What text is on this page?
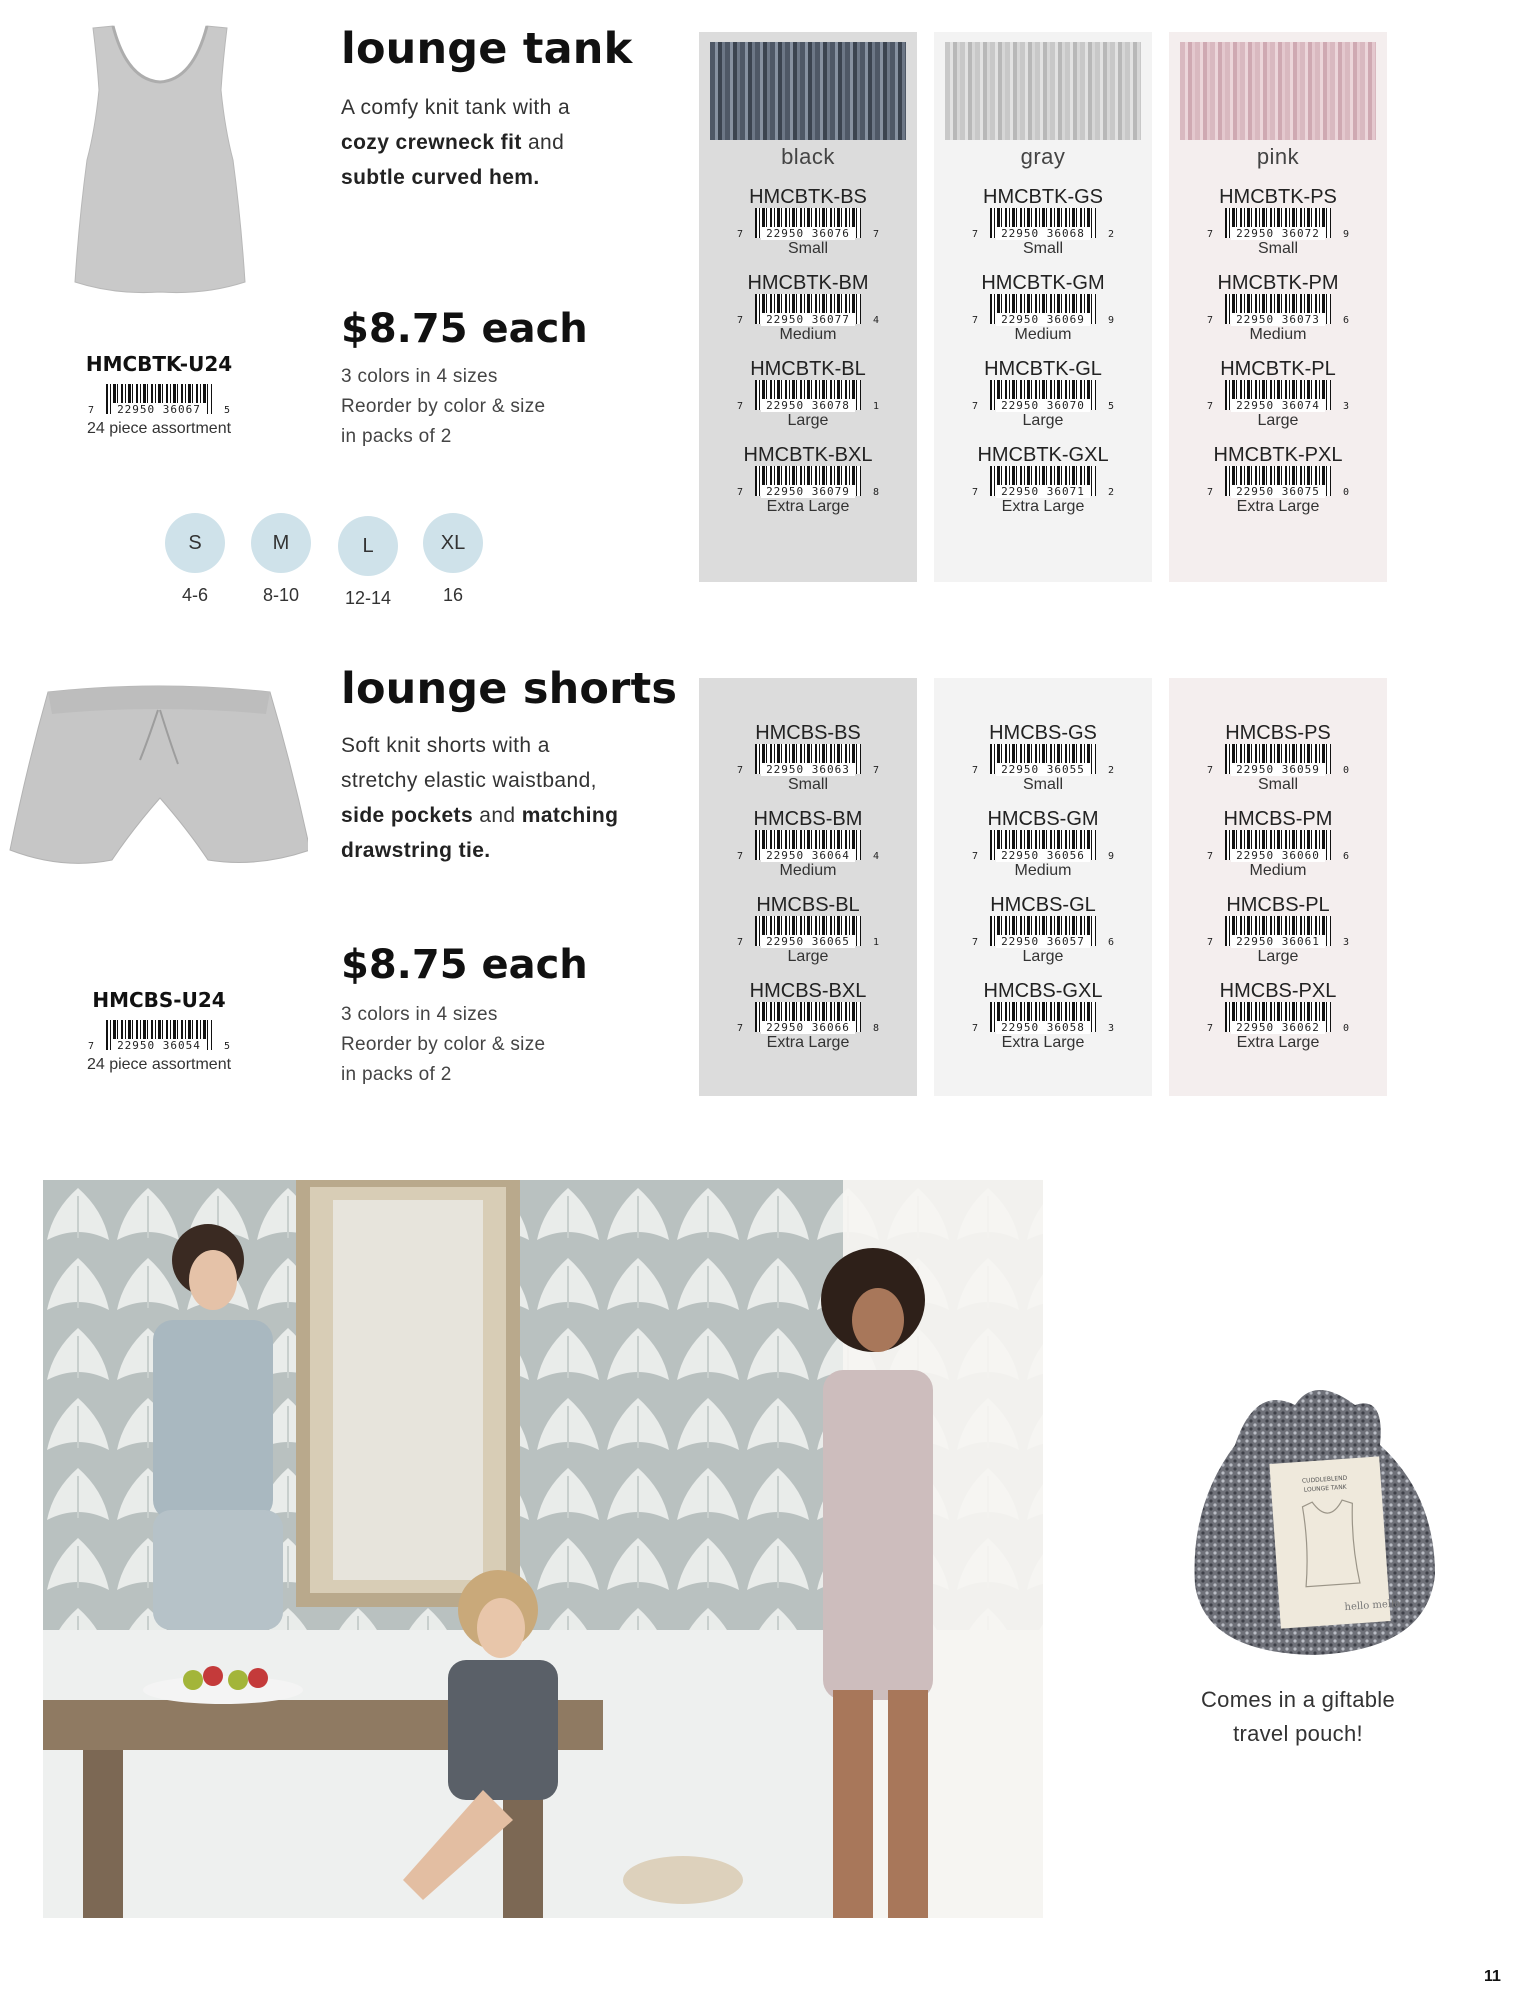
lounge tank
A comfy knit tank with a
cozy crewneck fit and
subtle curved hem.
$8.75 each
3 colors in 4 sizes
Reorder by color & size
in packs of 2
HMCBTK-U24
7	22950 36067	5
24 piece assortment
S
4-6
M
8-10
L
12-14
XL
16
black
HMCBTK-BS
7	22950 36076	7
Small
HMCBTK-BM
7	22950 36077	4
Medium
HMCBTK-BL
7	22950 36078	1
Large
HMCBTK-BXL
7	22950 36079	8
Extra Large
gray
HMCBTK-GS
7	22950 36068	2
Small
HMCBTK-GM
7	22950 36069	9
Medium
HMCBTK-GL
7	22950 36070	5
Large
HMCBTK-GXL
7	22950 36071	2
Extra Large
pink
HMCBTK-PS
7	22950 36072	9
Small
HMCBTK-PM
7	22950 36073	6
Medium
HMCBTK-PL
7	22950 36074	3
Large
HMCBTK-PXL
7	22950 36075	0
Extra Large
lounge shorts
Soft knit shorts with a
stretchy elastic waistband,
side pockets and matching
drawstring tie.
$8.75 each
3 colors in 4 sizes
Reorder by color & size
in packs of 2
HMCBS-U24
7	22950 36054	5
24 piece assortment
HMCBS-BS
7	22950 36063	7
Small
HMCBS-BM
7	22950 36064	4
Medium
HMCBS-BL
7	22950 36065	1
Large
HMCBS-BXL
7	22950 36066	8
Extra Large
HMCBS-GS
7	22950 36055	2
Small
HMCBS-GM
7	22950 36056	9
Medium
HMCBS-GL
7	22950 36057	6
Large
HMCBS-GXL
7	22950 36058	3
Extra Large
HMCBS-PS
7	22950 36059	0
Small
HMCBS-PM
7	22950 36060	6
Medium
HMCBS-PL
7	22950 36061	3
Large
HMCBS-PXL
7	22950 36062	0
Extra Large
CUDDLEBLEND
LOUNGE TANK
hello mello
Comes in a giftable
travel pouch!
11
